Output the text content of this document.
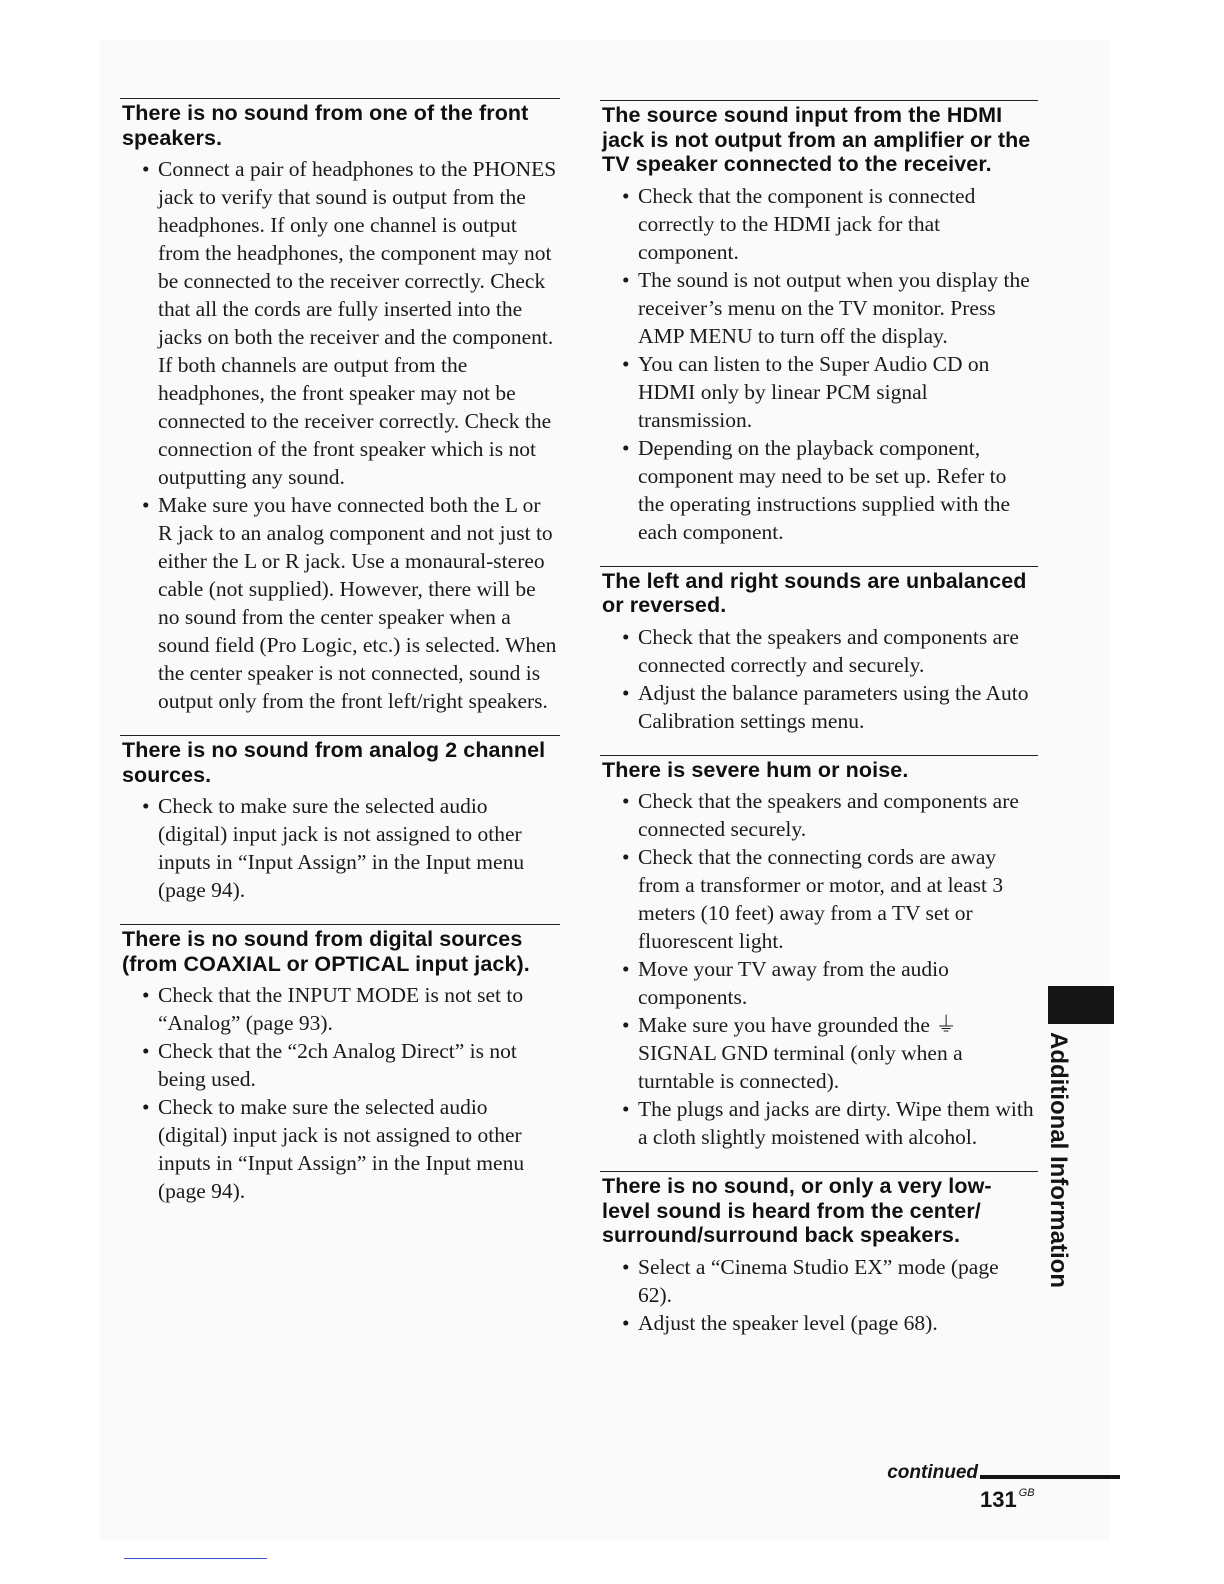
There is no sound from one of the front speakers.
• Connect a pair of headphones to the PHONES jack to verify that sound is output from the headphones. If only one channel is output from the headphones, the component may not be connected to the receiver correctly. Check that all the cords are fully inserted into the jacks on both the receiver and the component. If both channels are output from the headphones, the front speaker may not be connected to the receiver correctly. Check the connection of the front speaker which is not outputting any sound.
• Make sure you have connected both the L or R jack to an analog component and not just to either the L or R jack. Use a monaural-stereo cable (not supplied). However, there will be no sound from the center speaker when a sound field (Pro Logic, etc.) is selected. When the center speaker is not connected, sound is output only from the front left/right speakers.
There is no sound from analog 2 channel sources.
• Check to make sure the selected audio (digital) input jack is not assigned to other inputs in “Input Assign” in the Input menu (page 94).
There is no sound from digital sources (from COAXIAL or OPTICAL input jack).
• Check that the INPUT MODE is not set to “Analog” (page 93).
• Check that the “2ch Analog Direct” is not being used.
• Check to make sure the selected audio (digital) input jack is not assigned to other inputs in “Input Assign” in the Input menu (page 94).
The source sound input from the HDMI jack is not output from an amplifier or the TV speaker connected to the receiver.
• Check that the component is connected correctly to the HDMI jack for that component.
• The sound is not output when you display the receiver’s menu on the TV monitor. Press AMP MENU to turn off the display.
• You can listen to the Super Audio CD on HDMI only by linear PCM signal transmission.
• Depending on the playback component, component may need to be set up. Refer to the operating instructions supplied with the each component.
The left and right sounds are unbalanced or reversed.
• Check that the speakers and components are connected correctly and securely.
• Adjust the balance parameters using the Auto Calibration settings menu.
There is severe hum or noise.
• Check that the speakers and components are connected securely.
• Check that the connecting cords are away from a transformer or motor, and at least 3 meters (10 feet) away from a TV set or fluorescent light.
• Move your TV away from the audio components.
• Make sure you have grounded the ⏚ SIGNAL GND terminal (only when a turntable is connected).
• The plugs and jacks are dirty. Wipe them with a cloth slightly moistened with alcohol.
There is no sound, or only a very low-level sound is heard from the center/ surround/surround back speakers.
• Select a “Cinema Studio EX” mode (page 62).
• Adjust the speaker level (page 68).
Additional Information
continued
131 $^{GB}$
